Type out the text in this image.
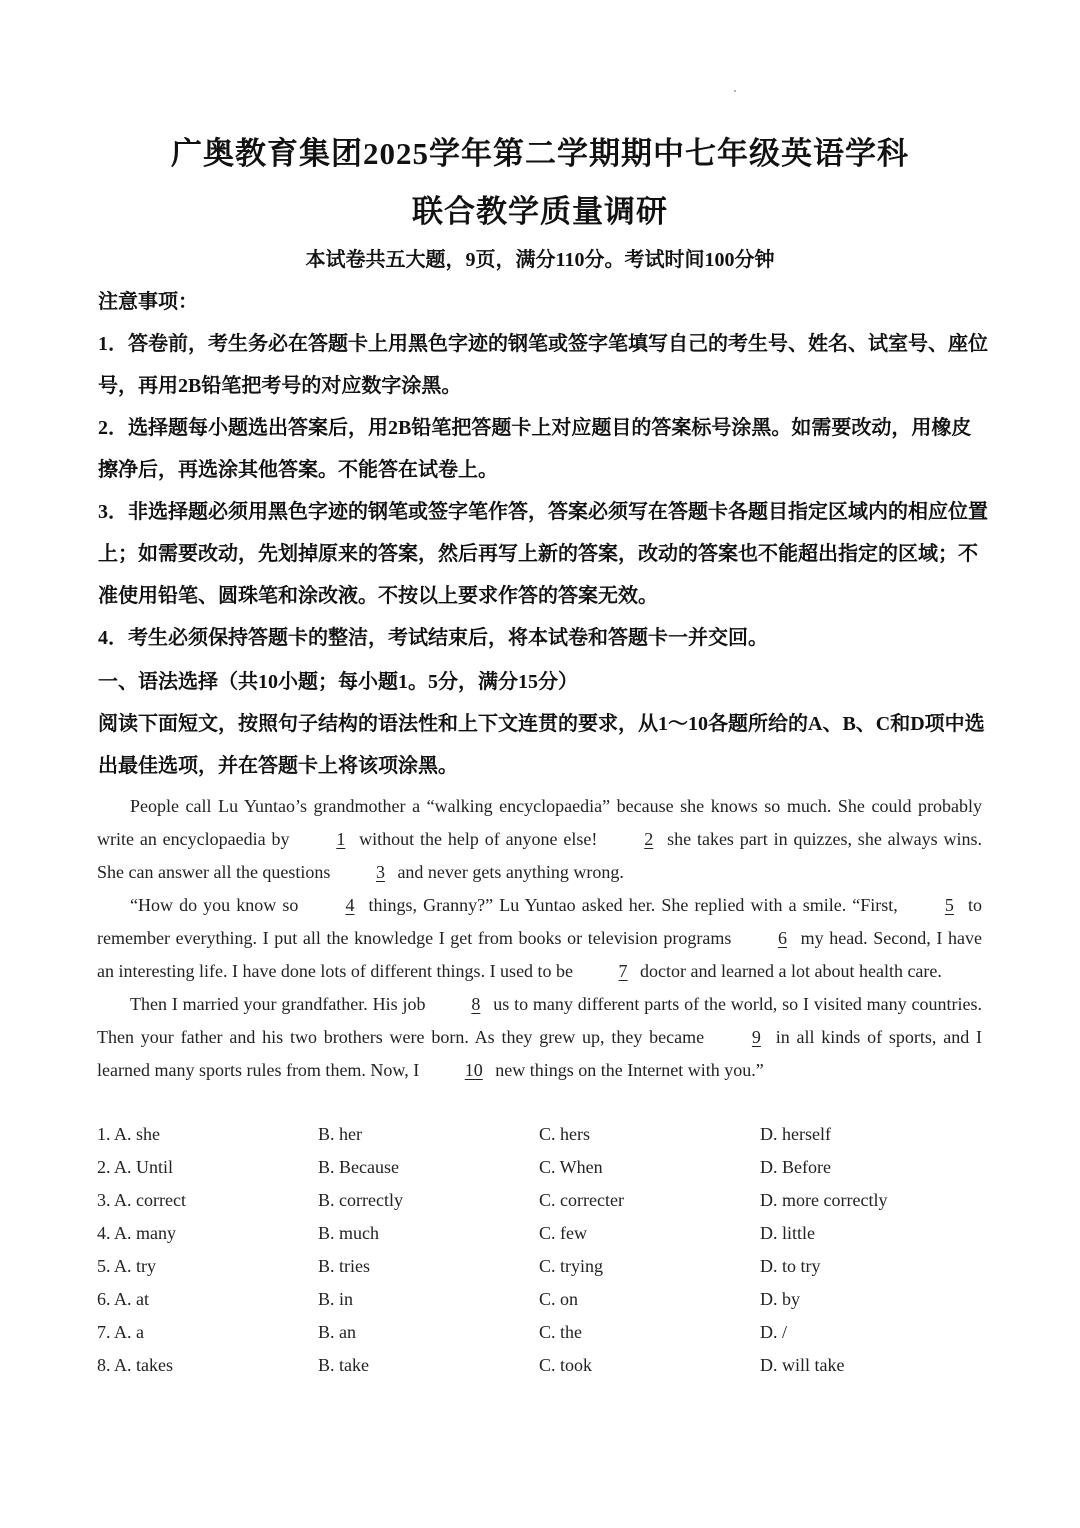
广奥教育集团2025学年第二学期期中七年级英语学科
联合教学质量调研
本试卷共五大题，9页，满分110分。考试时间100分钟
注意事项：
1．答卷前，考生务必在答题卡上用黑色字迹的钢笔或签字笔填写自己的考生号、姓名、试室号、座位号，再用2B铅笔把考号的对应数字涂黑。
2．选择题每小题选出答案后，用2B铅笔把答题卡上对应题目的答案标号涂黑。如需要改动，用橡皮擦净后，再选涂其他答案。不能答在试卷上。
3．非选择题必须用黑色字迹的钢笔或签字笔作答，答案必须写在答题卡各题目指定区域内的相应位置上；如需要改动，先划掉原来的答案，然后再写上新的答案，改动的答案也不能超出指定的区域；不准使用铅笔、圆珠笔和涂改液。不按以上要求作答的答案无效。
4．考生必须保持答题卡的整洁，考试结束后，将本试卷和答题卡一并交回。
一、语法选择（共10小题；每小题1。5分，满分15分）
阅读下面短文，按照句子结构的语法性和上下文连贯的要求，从1～10各题所给的A、B、C和D项中选出最佳选项，并在答题卡上将该项涂黑。

People call Lu Yuntao’s grandmother a “walking encyclopaedia” because she knows so much. She could probably write an encyclopaedia by 1 without the help of anyone else! 2 she takes part in quizzes, she always wins. She can answer all the questions 3 and never gets anything wrong.

“How do you know so 4 things, Granny?” Lu Yuntao asked her. She replied with a smile. “First, 5 to remember everything. I put all the knowledge I get from books or television programs 6 my head. Second, I have an interesting life. I have done lots of different things. I used to be 7 doctor and learned a lot about health care.

Then I married your grandfather. His job 8 us to many different parts of the world, so I visited many countries. Then your father and his two brothers were born. As they grew up, they became 9 in all kinds of sports, and I learned many sports rules from them. Now, I 10 new things on the Internet with you.”

1. A. she	B. her	C. hers	D. herself
2. A. Until	B. Because	C. When	D. Before
3. A. correct	B. correctly	C. correcter	D. more correctly
4. A. many	B. much	C. few	D. little
5. A. try	B. tries	C. trying	D. to try
6. A. at	B. in	C. on	D. by
7. A. a	B. an	C. the	D. /
8. A. takes	B. take	C. took	D. will take
